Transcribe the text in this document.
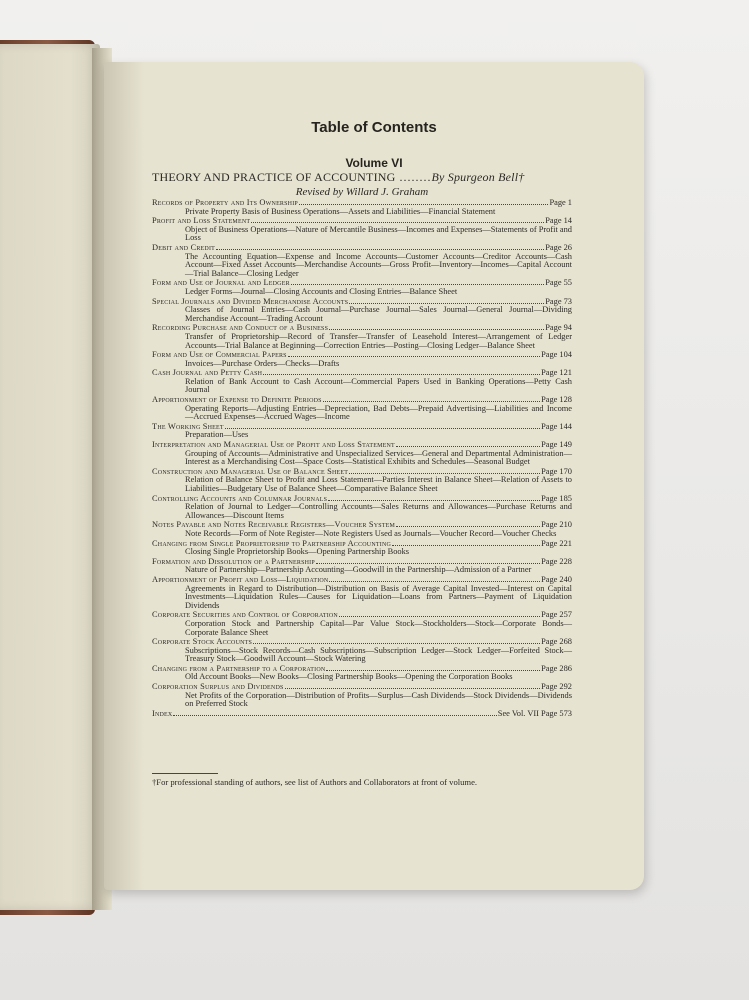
Table of Contents
Volume VI
THEORY AND PRACTICE OF ACCOUNTING ........By Spurgeon Bell†
Revised by Willard J. Graham
Records of Property and Its Ownership	Page 1
Private Property Basis of Business Operations—Assets and Liabilities—Financial Statement
Profit and Loss Statement	Page 14
Object of Business Operations—Nature of Mercantile Business—Incomes and Expenses—Statements of Profit and Loss
Debit and Credit	Page 26
The Accounting Equation—Expense and Income Accounts—Customer Accounts—Creditor Accounts—Cash Account—Fixed Asset Accounts—Merchandise Accounts—Gross Profit—Inventory—Incomes—Capital Account—Trial Balance—Closing Ledger
Form and Use of Journal and Ledger	Page 55
Ledger Forms—Journal—Closing Accounts and Closing Entries—Balance Sheet
Special Journals and Divided Merchandise Accounts	Page 73
Classes of Journal Entries—Cash Journal—Purchase Journal—Sales Journal—General Journal—Dividing Merchandise Account—Trading Account
Recording Purchase and Conduct of a Business	Page 94
Transfer of Proprietorship—Record of Transfer—Transfer of Leasehold Interest—Arrangement of Ledger Accounts—Trial Balance at Beginning—Correction Entries—Posting—Closing Ledger—Balance Sheet
Form and Use of Commercial Papers	Page 104
Invoices—Purchase Orders—Checks—Drafts
Cash Journal and Petty Cash	Page 121
Relation of Bank Account to Cash Account—Commercial Papers Used in Banking Operations—Petty Cash Journal
Apportionment of Expense to Definite Periods	Page 128
Operating Reports—Adjusting Entries—Depreciation, Bad Debts—Prepaid Advertising—Liabilities and Income—Accrued Expenses—Accrued Wages—Income
The Working Sheet	Page 144
Preparation—Uses
Interpretation and Managerial Use of Profit and Loss Statement	Page 149
Grouping of Accounts—Administrative and Unspecialized Services—General and Departmental Administration—Interest as a Merchandising Cost—Space Costs—Statistical Exhibits and Schedules—Seasonal Budget
Construction and Managerial Use of Balance Sheet	Page 170
Relation of Balance Sheet to Profit and Loss Statement—Parties Interest in Balance Sheet—Relation of Assets to Liabilities—Budgetary Use of Balance Sheet—Comparative Balance Sheet
Controlling Accounts and Columnar Journals	Page 185
Relation of Journal to Ledger—Controlling Accounts—Sales Returns and Allowances—Purchase Returns and Allowances—Discount Items
Notes Payable and Notes Receivable Registers—Voucher System	Page 210
Note Records—Form of Note Register—Note Registers Used as Journals—Voucher Record—Voucher Checks
Changing from Single Proprietorship to Partnership Accounting	Page 221
Closing Single Proprietorship Books—Opening Partnership Books
Formation and Dissolution of a Partnership	Page 228
Nature of Partnership—Partnership Accounting—Goodwill in the Partnership—Admission of a Partner
Apportionment of Profit and Loss—Liquidation	Page 240
Agreements in Regard to Distribution—Distribution on Basis of Average Capital Invested—Interest on Capital Investments—Liquidation Rules—Causes for Liquidation—Loans from Partners—Payment of Liquidation Dividends
Corporate Securities and Control of Corporation	Page 257
Corporation Stock and Partnership Capital—Par Value Stock—Stockholders—Stock—Corporate Bonds—Corporate Balance Sheet
Corporate Stock Accounts	Page 268
Subscriptions—Stock Records—Cash Subscriptions—Subscription Ledger—Stock Ledger—Forfeited Stock—Treasury Stock—Goodwill Account—Stock Watering
Changing from a Partnership to a Corporation	Page 286
Old Account Books—New Books—Closing Partnership Books—Opening the Corporation Books
Corporation Surplus and Dividends	Page 292
Net Profits of the Corporation—Distribution of Profits—Surplus—Cash Dividends—Stock Dividends—Dividends on Preferred Stock
Index	See Vol. VII Page 573
†For professional standing of authors, see list of Authors and Collaborators at front of volume.
